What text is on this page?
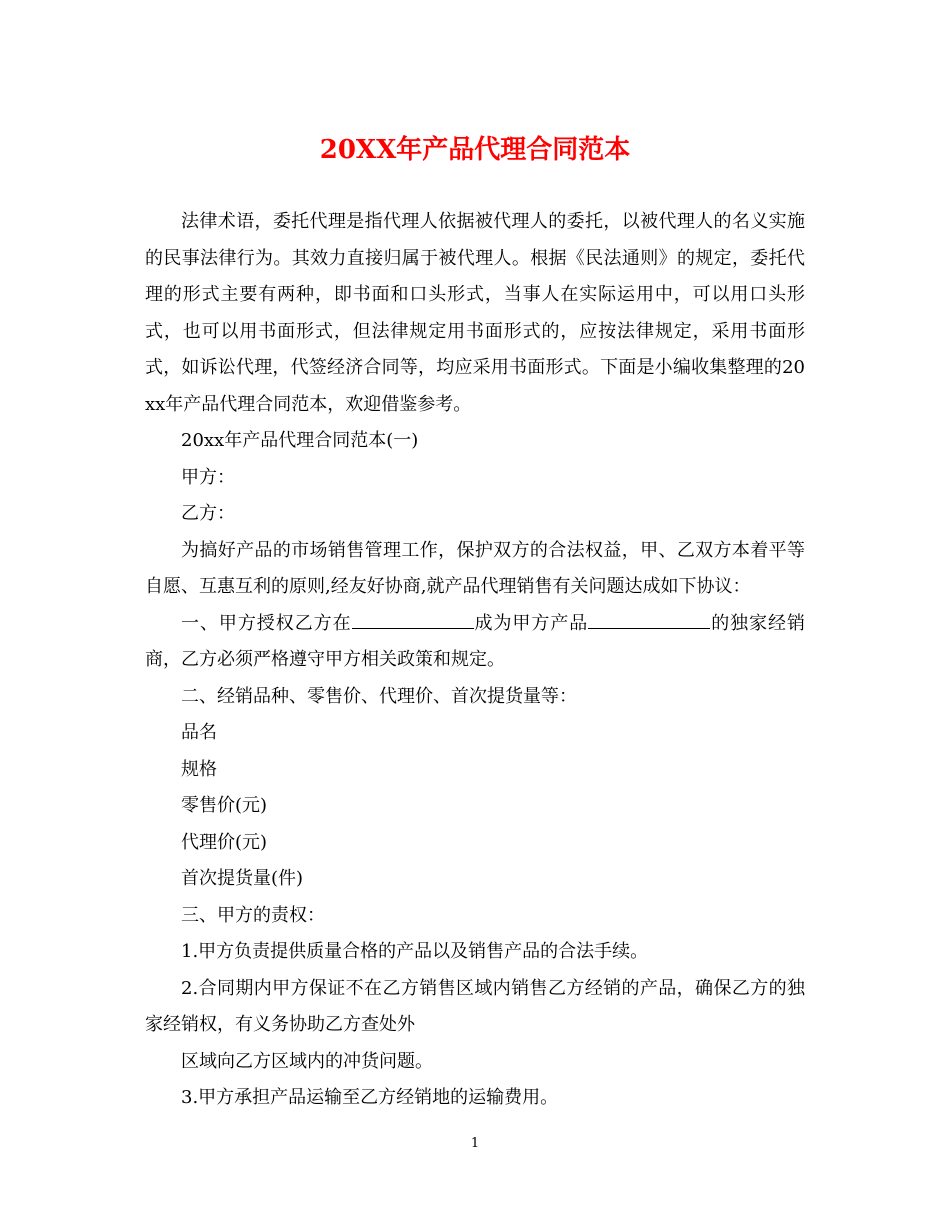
20XX年产品代理合同范本

法律术语，委托代理是指代理人依据被代理人的委托，以被代理人的名义实施的民事法律行为。其效力直接归属于被代理人。根据《民法通则》的规定，委托代理的形式主要有两种，即书面和口头形式，当事人在实际运用中，可以用口头形式，也可以用书面形式，但法律规定用书面形式的，应按法律规定，采用书面形式，如诉讼代理，代签经济合同等，均应采用书面形式。下面是小编收集整理的20xx年产品代理合同范本，欢迎借鉴参考。

20xx年产品代理合同范本(一)

甲方：

乙方：

为搞好产品的市场销售管理工作，保护双方的合法权益，甲、乙双方本着平等自愿、互惠互利的原则,经友好协商,就产品代理销售有关问题达成如下协议：

一、甲方授权乙方在	成为甲方产品	的独家经销商，乙方必须严格遵守甲方相关政策和规定。

二、经销品种、零售价、代理价、首次提货量等：

品名

规格

零售价(元)

代理价(元)

首次提货量(件)

三、甲方的责权：

1.甲方负责提供质量合格的产品以及销售产品的合法手续。

2.合同期内甲方保证不在乙方销售区域内销售乙方经销的产品，确保乙方的独家经销权，有义务协助乙方查处外

区域向乙方区域内的冲货问题。

3.甲方承担产品运输至乙方经销地的运输费用。

1
